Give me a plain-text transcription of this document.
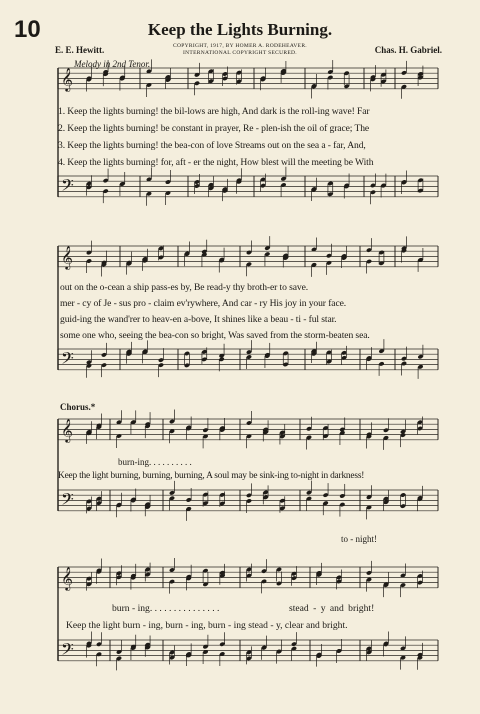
10	Keep the Lights Burning.
E. E. Hewitt.	COPYRIGHT, 1917, BY HOMER A. RODEHEAVER.
INTERNATIONAL COPYRIGHT SECURED.	Chas. H. Gabriel.
Melody in 2nd Tenor.
𝄞
𝄢
𝄞
𝄢
𝄞
𝄢
𝄞
𝄢
1. Keep the lights burning! the bil-lows are high, And dark is the roll-ing wave! Far
2. Keep the lights burning! be constant in prayer, Re - plen-ish the oil of grace; The
3. Keep the lights burning! the bea-con of love Streams out on the sea a - far, And,
4. Keep the lights burning! for, aft - er the night, How blest will the meeting be With
out on the o-cean a ship pass-es by, Be read-y thy broth-er to save.
mer - cy of Je - sus pro - claim ev'rywhere, And car - ry His joy in your face.
guid-ing the wand'rer to heav-en a-bove, It shines like a beau - ti - ful star.
some one who, seeing the bea-con so bright, Was saved from the storm-beaten sea.
Chorus.*
burn-ing. . . . . . . . . .
Keep the light burning, burning, burning, A soul may be sink-ing to-night in darkness!
to - night!
burn - ing. . . . . . . . . . . . . . .	stead - y and bright!
Keep the light burn - ing, burn - ing, burn - ing stead - y, clear and bright.
